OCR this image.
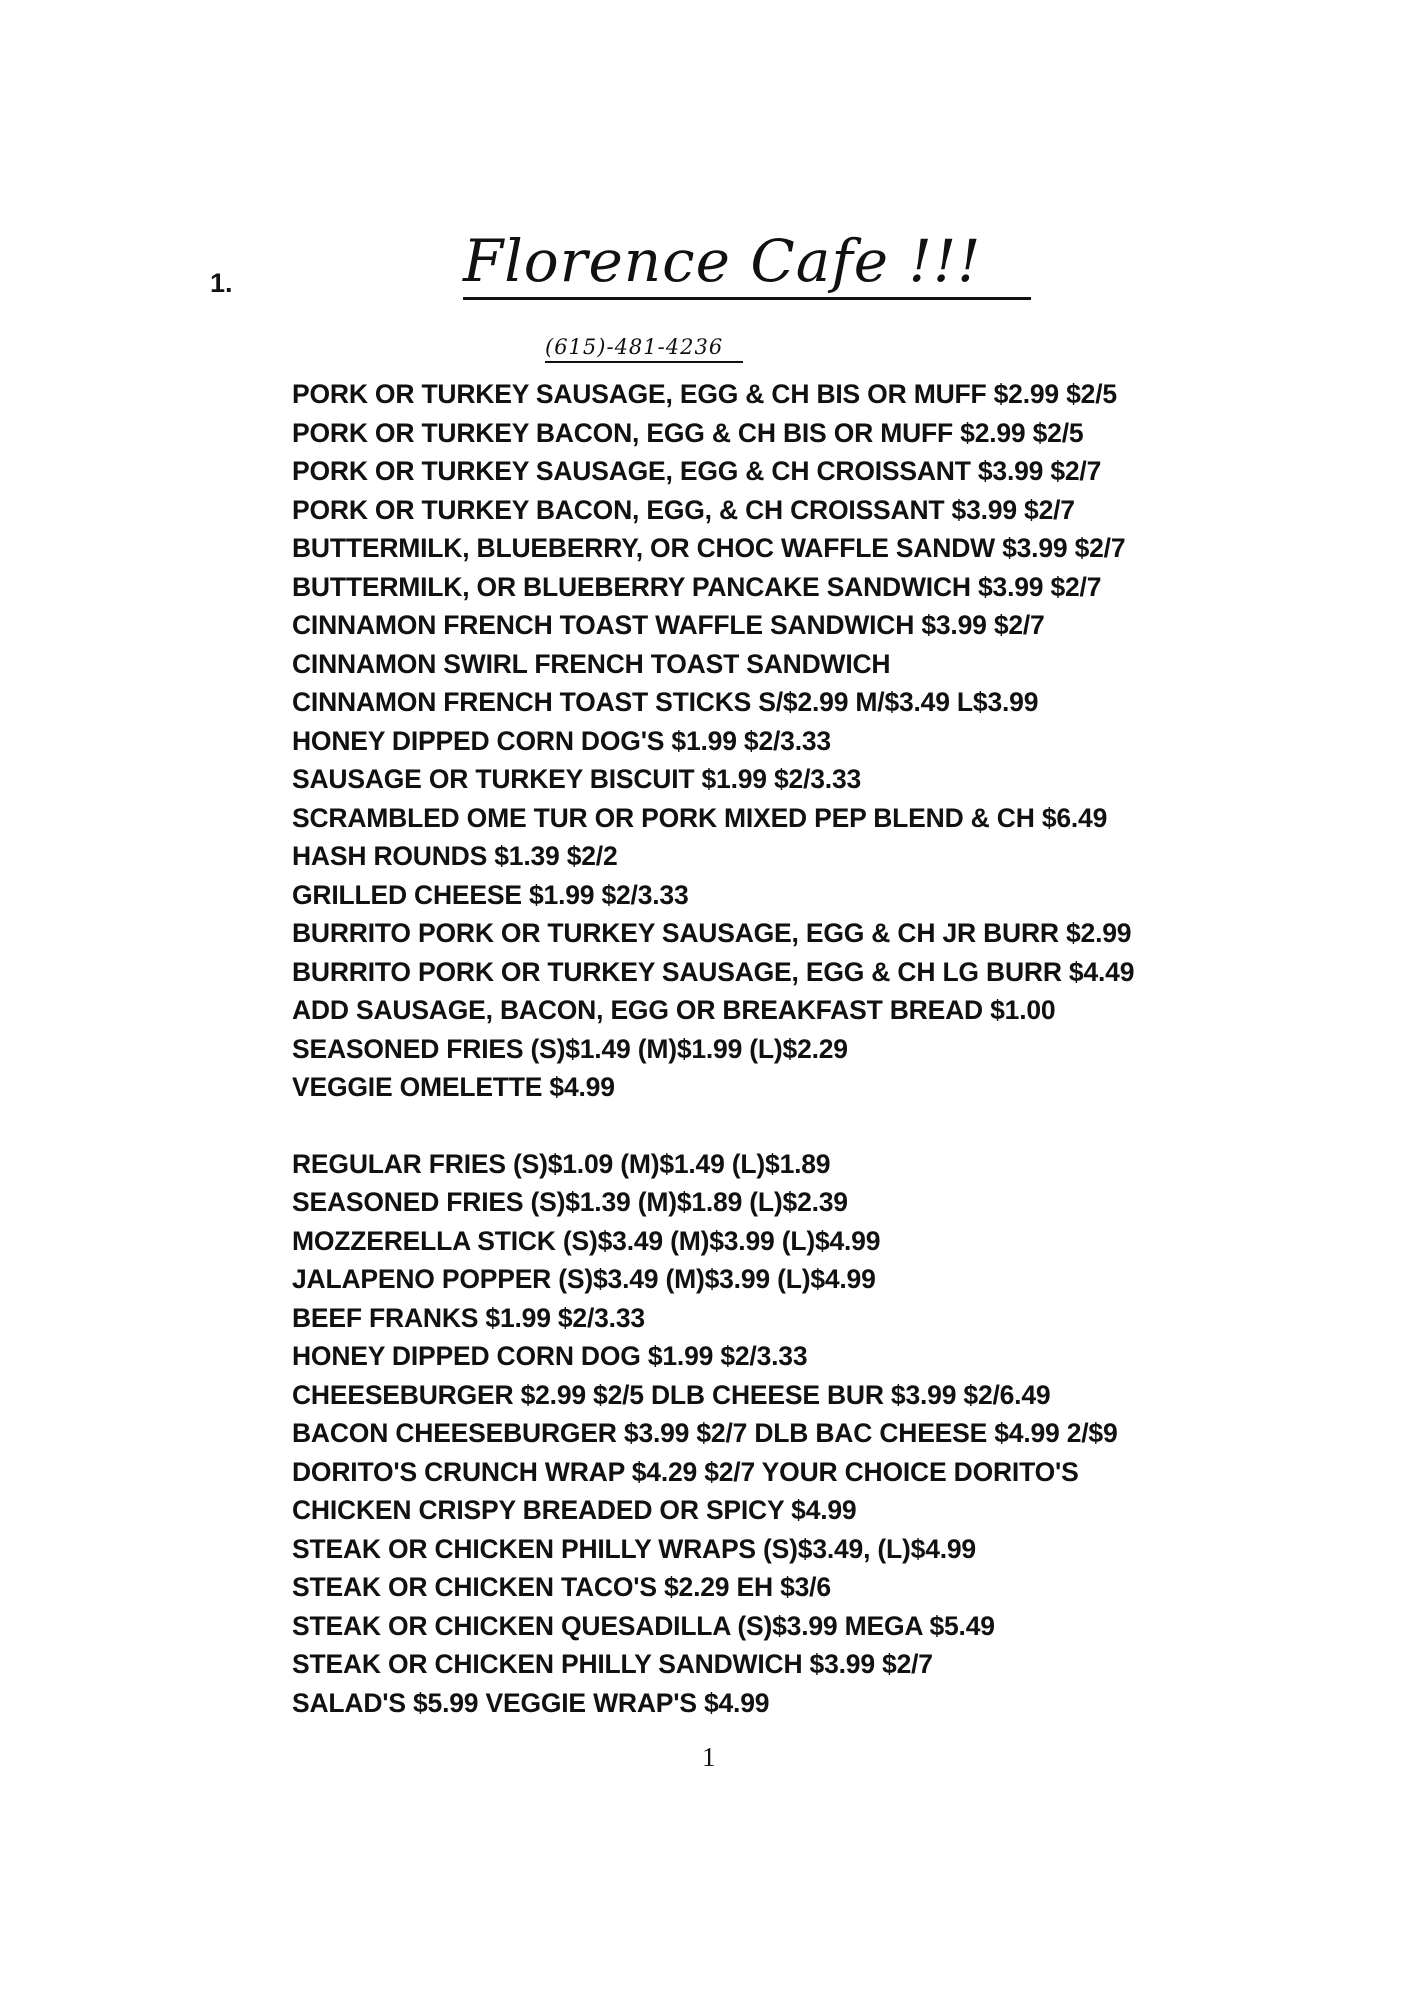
1.	Florence Cafe !!!
(615)-481-4236
PORK OR TURKEY SAUSAGE, EGG & CH BIS OR MUFF $2.99 $2/5
PORK OR TURKEY BACON, EGG & CH BIS OR MUFF $2.99 $2/5
PORK OR TURKEY SAUSAGE, EGG & CH CROISSANT $3.99 $2/7
PORK OR TURKEY BACON, EGG, & CH CROISSANT $3.99 $2/7
BUTTERMILK, BLUEBERRY, OR CHOC WAFFLE SANDW $3.99 $2/7
BUTTERMILK, OR BLUEBERRY PANCAKE SANDWICH $3.99 $2/7
CINNAMON FRENCH TOAST WAFFLE SANDWICH $3.99 $2/7
CINNAMON SWIRL FRENCH TOAST SANDWICH
CINNAMON FRENCH TOAST STICKS S/$2.99 M/$3.49 L$3.99
HONEY DIPPED CORN DOG'S $1.99 $2/3.33
SAUSAGE OR TURKEY BISCUIT $1.99 $2/3.33
SCRAMBLED OME TUR OR PORK MIXED PEP BLEND & CH $6.49
HASH ROUNDS $1.39 $2/2
GRILLED CHEESE $1.99 $2/3.33
BURRITO PORK OR TURKEY SAUSAGE, EGG & CH JR BURR $2.99
BURRITO PORK OR TURKEY SAUSAGE, EGG & CH LG BURR $4.49
ADD SAUSAGE, BACON, EGG OR BREAKFAST BREAD $1.00
SEASONED FRIES (S)$1.49 (M)$1.99 (L)$2.29
VEGGIE OMELETTE $4.99
REGULAR FRIES (S)$1.09 (M)$1.49 (L)$1.89
SEASONED FRIES (S)$1.39 (M)$1.89 (L)$2.39
MOZZERELLA STICK (S)$3.49 (M)$3.99 (L)$4.99
JALAPENO POPPER (S)$3.49 (M)$3.99 (L)$4.99
BEEF FRANKS $1.99 $2/3.33
HONEY DIPPED CORN DOG $1.99 $2/3.33
CHEESEBURGER $2.99 $2/5 DLB CHEESE BUR $3.99 $2/6.49
BACON CHEESEBURGER $3.99 $2/7 DLB BAC CHEESE $4.99 2/$9
DORITO'S CRUNCH WRAP $4.29 $2/7 YOUR CHOICE DORITO'S
CHICKEN CRISPY BREADED OR SPICY $4.99
STEAK OR CHICKEN PHILLY WRAPS (S)$3.49, (L)$4.99
STEAK OR CHICKEN TACO'S $2.29 EH $3/6
STEAK OR CHICKEN QUESADILLA (S)$3.99 MEGA $5.49
STEAK OR CHICKEN PHILLY SANDWICH $3.99 $2/7
SALAD'S $5.99 VEGGIE WRAP'S $4.99
1
